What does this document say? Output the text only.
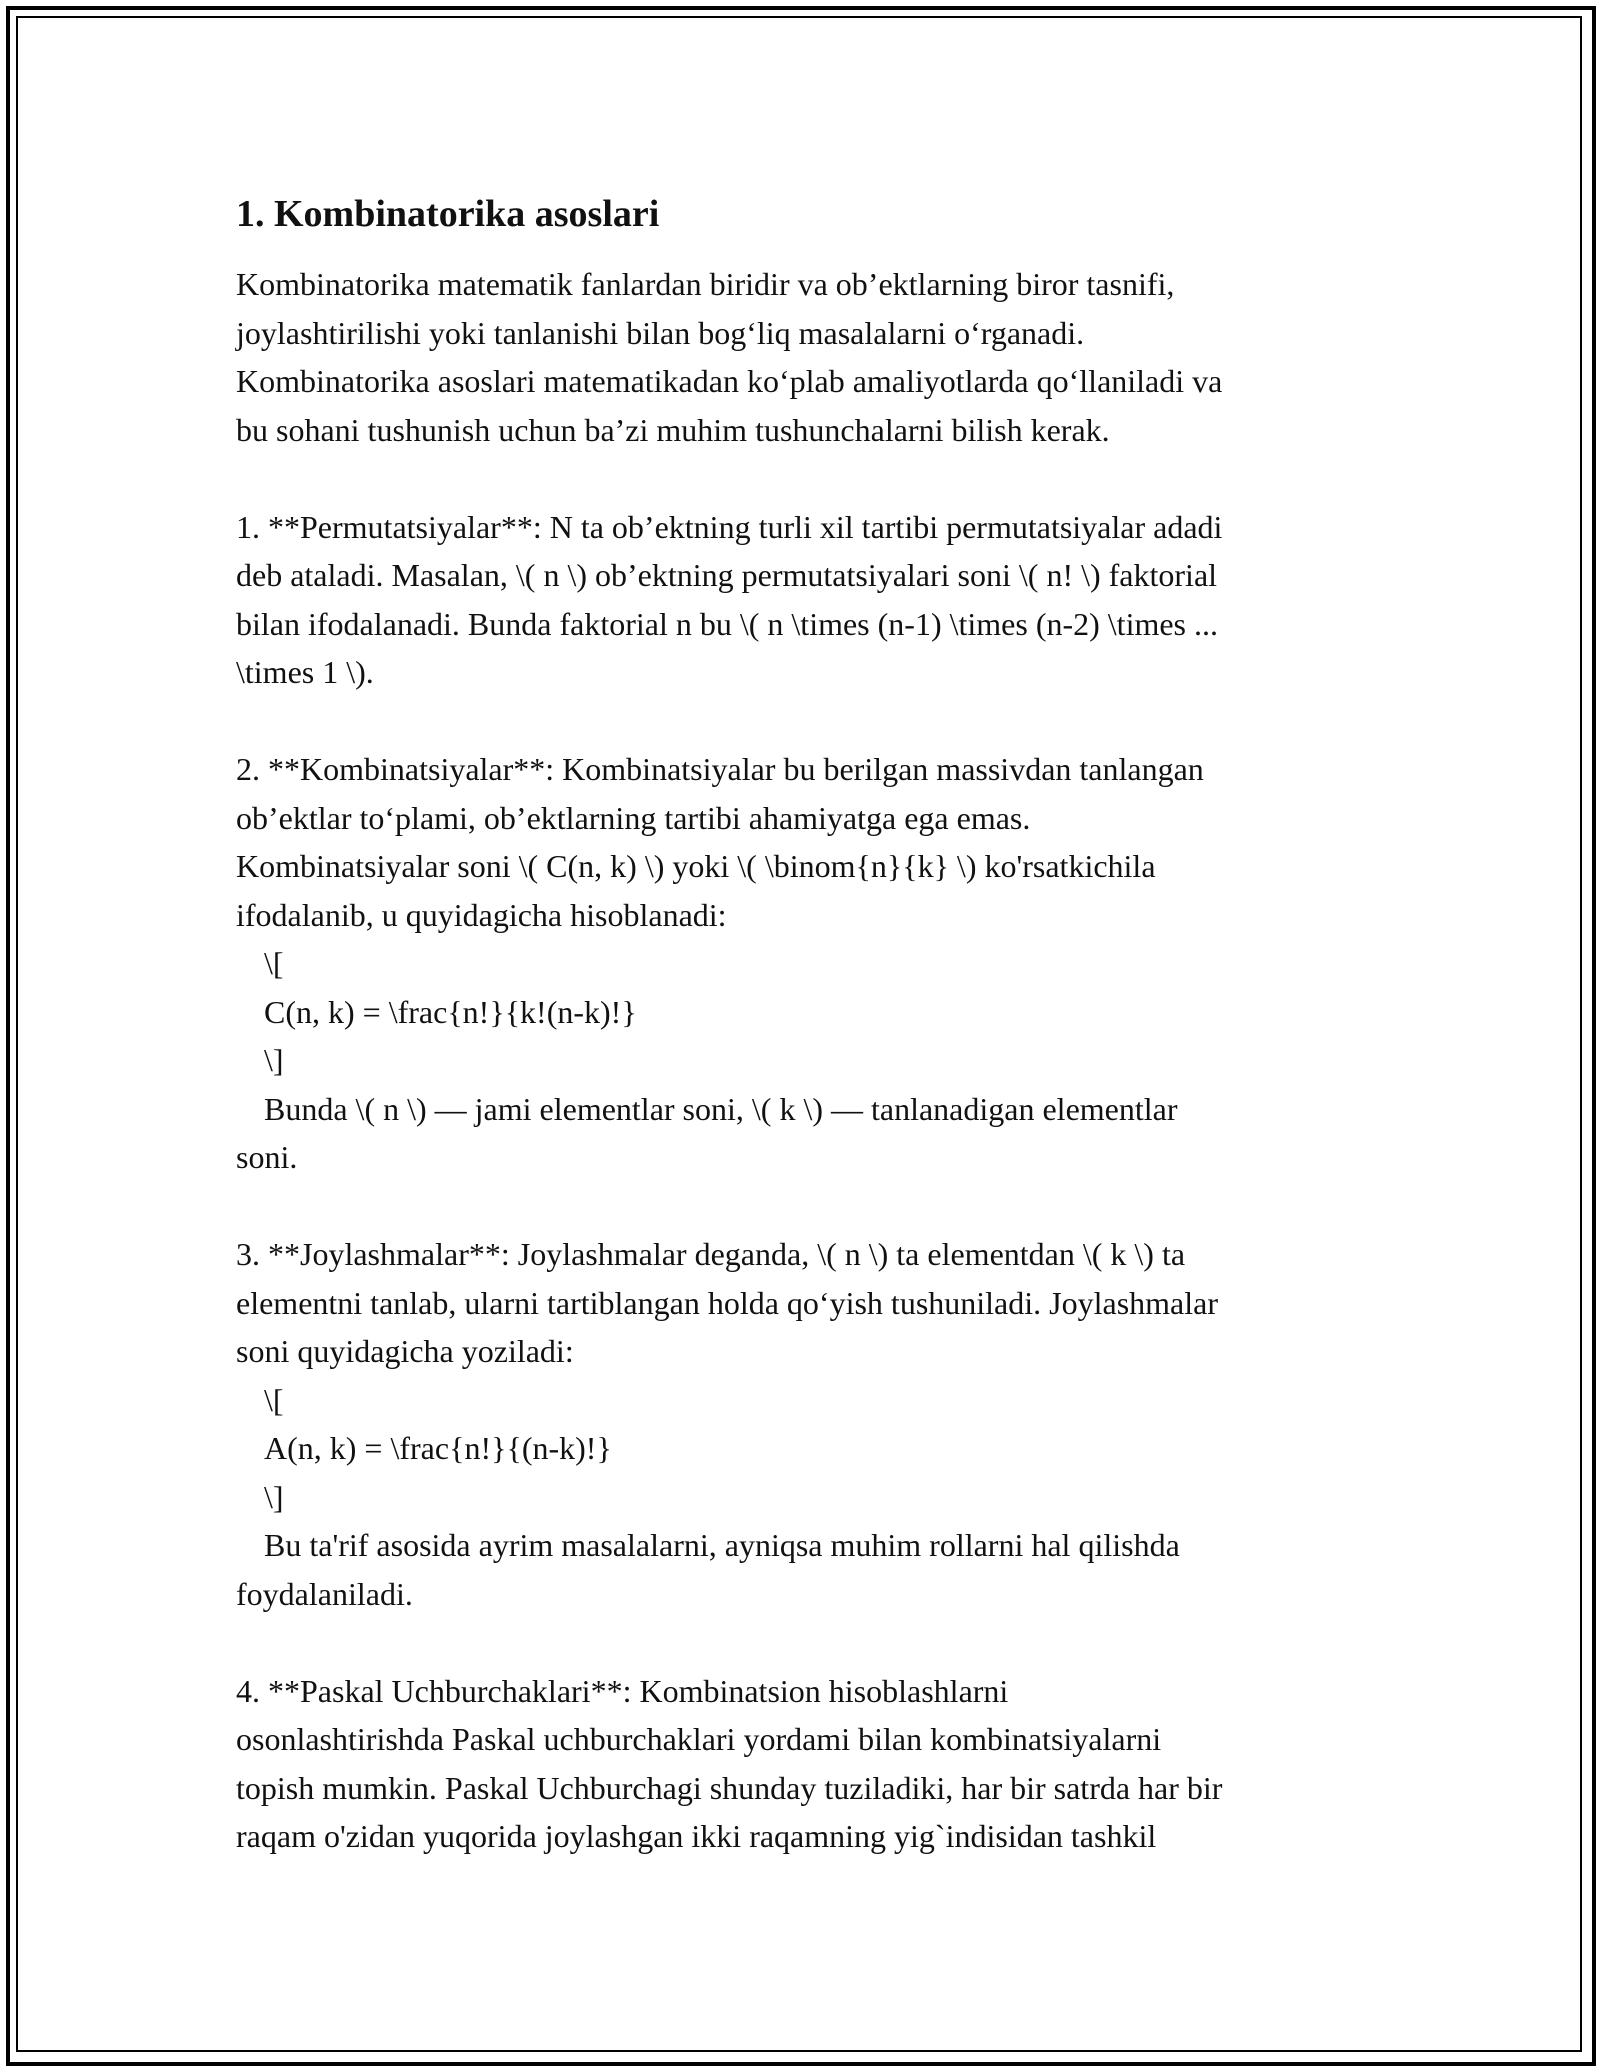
1. Kombinatorika asoslari
Kombinatorika matematik fanlardan biridir va ob’ektlarning biror tasnifi,
joylashtirilishi yoki tanlanishi bilan bog‘liq masalalarni o‘rganadi.
Kombinatorika asoslari matematikadan ko‘plab amaliyotlarda qo‘llaniladi va
bu sohani tushunish uchun ba’zi muhim tushunchalarni bilish kerak.
1. **Permutatsiyalar**: N ta ob’ektning turli xil tartibi permutatsiyalar adadi
deb ataladi. Masalan, \( n \) ob’ektning permutatsiyalari soni \( n! \) faktorial
bilan ifodalanadi. Bunda faktorial n bu \( n \times (n-1) \times (n-2) \times ...
\times 1 \).
2. **Kombinatsiyalar**: Kombinatsiyalar bu berilgan massivdan tanlangan
ob’ektlar to‘plami, ob’ektlarning tartibi ahamiyatga ega emas.
Kombinatsiyalar soni \( C(n, k) \) yoki \( \binom{n}{k} \) ko'rsatkichila
ifodalanib, u quyidagicha hisoblanadi:
\[
C(n, k) = \frac{n!}{k!(n-k)!}
\]
Bunda \( n \) — jami elementlar soni, \( k \) — tanlanadigan elementlar
soni.
3. **Joylashmalar**: Joylashmalar deganda, \( n \) ta elementdan \( k \) ta
elementni tanlab, ularni tartiblangan holda qo‘yish tushuniladi. Joylashmalar
soni quyidagicha yoziladi:
\[
A(n, k) = \frac{n!}{(n-k)!}
\]
Bu ta'rif asosida ayrim masalalarni, ayniqsa muhim rollarni hal qilishda
foydalaniladi.
4. **Paskal Uchburchaklari**: Kombinatsion hisoblashlarni
osonlashtirishda Paskal uchburchaklari yordami bilan kombinatsiyalarni
topish mumkin. Paskal Uchburchagi shunday tuziladiki, har bir satrda har bir
raqam o'zidan yuqorida joylashgan ikki raqamning yig`indisidan tashkil
